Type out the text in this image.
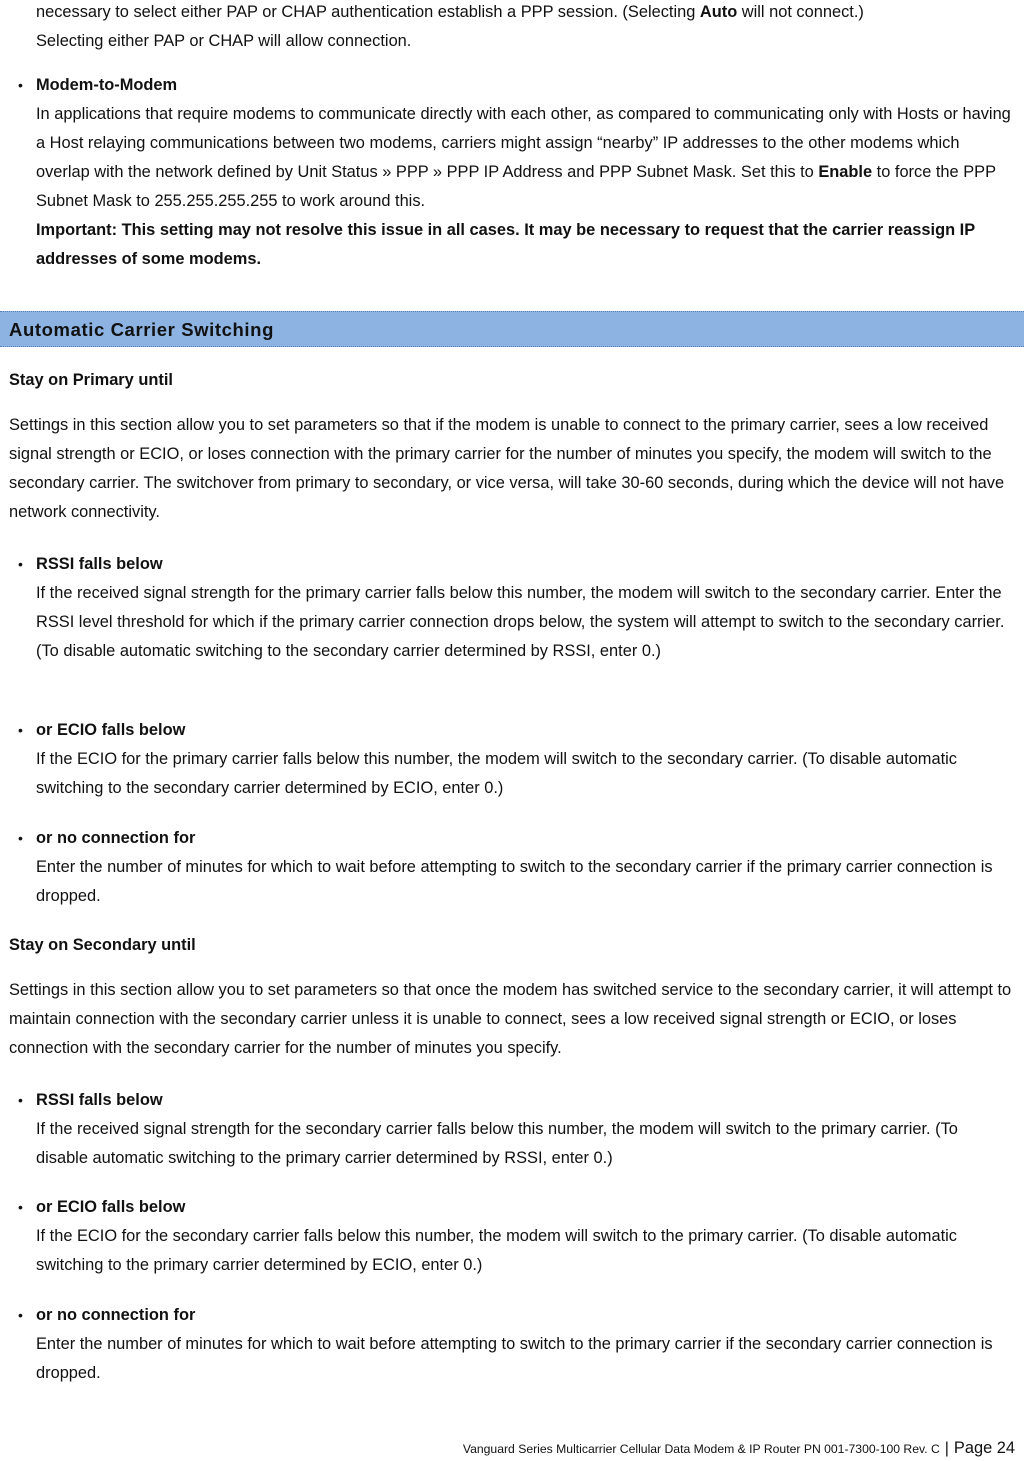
necessary to select either PAP or CHAP authentication establish a PPP session. (Selecting Auto will not connect.)

Selecting either PAP or CHAP will allow connection.

• Modem-to-Modem

In applications that require modems to communicate directly with each other, as compared to communicating only with Hosts or having a Host relaying communications between two modems, carriers might assign “nearby” IP addresses to the other modems which overlap with the network defined by Unit Status » PPP » PPP IP Address and PPP Subnet Mask. Set this to Enable to force the PPP Subnet Mask to 255.255.255.255 to work around this.

Important: This setting may not resolve this issue in all cases. It may be necessary to request that the carrier reassign IP addresses of some modems.

Automatic Carrier Switching

Stay on Primary until

Settings in this section allow you to set parameters so that if the modem is unable to connect to the primary carrier, sees a low received signal strength or ECIO, or loses connection with the primary carrier for the number of minutes you specify, the modem will switch to the secondary carrier. The switchover from primary to secondary, or vice versa, will take 30-60 seconds, during which the device will not have network connectivity.

• RSSI falls below

If the received signal strength for the primary carrier falls below this number, the modem will switch to the secondary carrier. Enter the RSSI level threshold for which if the primary carrier connection drops below, the system will attempt to switch to the secondary carrier. (To disable automatic switching to the secondary carrier determined by RSSI, enter 0.)

• or ECIO falls below

If the ECIO for the primary carrier falls below this number, the modem will switch to the secondary carrier. (To disable automatic switching to the secondary carrier determined by ECIO, enter 0.)

• or no connection for

Enter the number of minutes for which to wait before attempting to switch to the secondary carrier if the primary carrier connection is dropped.

Stay on Secondary until

Settings in this section allow you to set parameters so that once the modem has switched service to the secondary carrier, it will attempt to maintain connection with the secondary carrier unless it is unable to connect, sees a low received signal strength or ECIO, or loses connection with the secondary carrier for the number of minutes you specify.

• RSSI falls below

If the received signal strength for the secondary carrier falls below this number, the modem will switch to the primary carrier. (To disable automatic switching to the primary carrier determined by RSSI, enter 0.)

• or ECIO falls below

If the ECIO for the secondary carrier falls below this number, the modem will switch to the primary carrier. (To disable automatic switching to the primary carrier determined by ECIO, enter 0.)

• or no connection for

Enter the number of minutes for which to wait before attempting to switch to the primary carrier if the secondary carrier connection is dropped.

Vanguard Series Multicarrier Cellular Data Modem & IP Router PN 001-7300-100 Rev. C | Page 24
